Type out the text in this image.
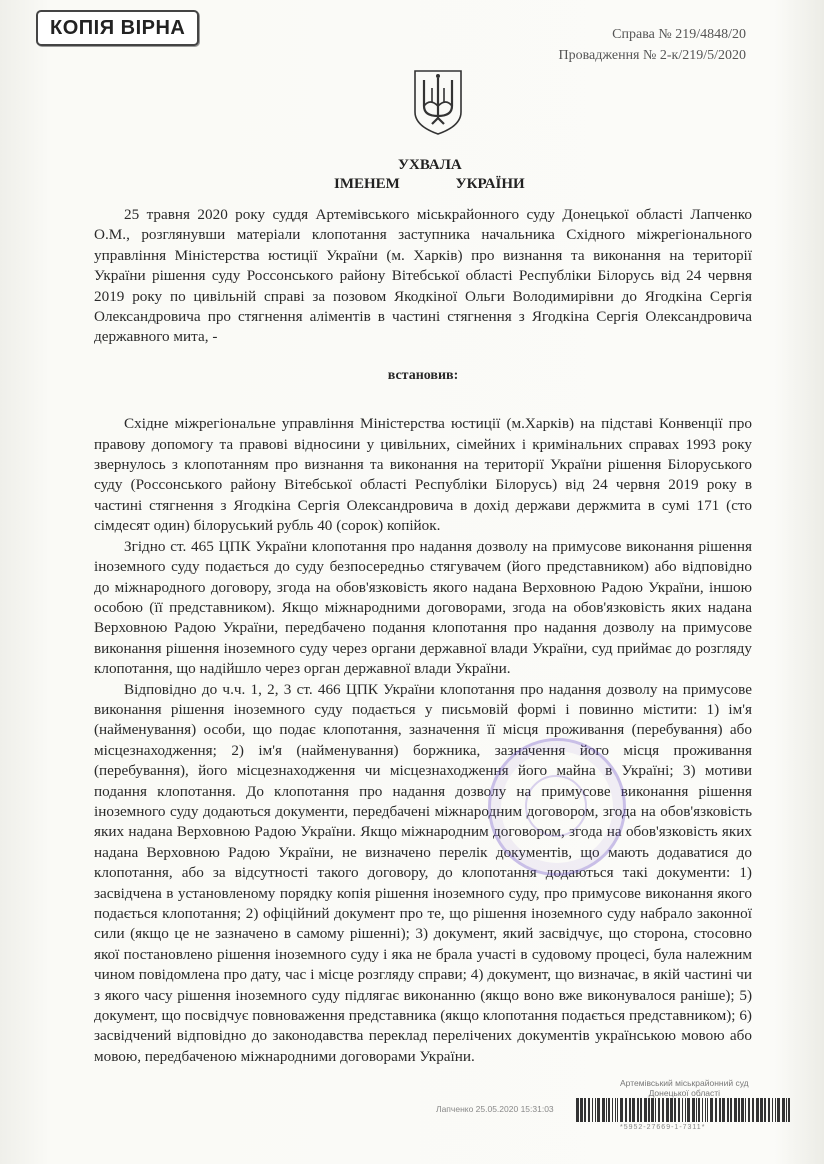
КОПІЯ ВІРНА	Справа № 219/4848/20
Провадження № 2-к/219/5/2020
УХВАЛА
ІМЕНЕМ УКРАЇНИ

25 травня 2020 року суддя Артемівського міськрайонного суду Донецької області Лапченко О.М., розглянувши матеріали клопотання заступника начальника Східного міжрегіонального управління Міністерства юстиції України (м. Харків) про визнання та виконання на території України рішення суду Россонського району Вітебської області Республіки Білорусь від 24 червня 2019 року по цивільній справі за позовом Якодкіної Ольги Володимирівни до Ягодкіна Сергія Олександровича про стягнення аліментів в частині стягнення з Ягодкіна Сергія Олександровича державного мита, -

встановив:

Східне міжрегіональне управління Міністерства юстиції (м.Харків) на підставі Конвенції про правову допомогу та правові відносини у цивільних, сімейних і кримінальних справах 1993 року звернулось з клопотанням про визнання та виконання на території України рішення Білоруського суду (Россонського району Вітебської області Республіки Білорусь) від 24 червня 2019 року в частині стягнення з Ягодкіна Сергія Олександровича в дохід держави держмита в сумі 171 (сто сімдесят один) білоруський рубль 40 (сорок) копійок.

Згідно ст. 465 ЦПК України клопотання про надання дозволу на примусове виконання рішення іноземного суду подається до суду безпосередньо стягувачем (його представником) або відповідно до міжнародного договору, згода на обов'язковість якого надана Верховною Радою України, іншою особою (її представником). Якщо міжнародними договорами, згода на обов'язковість яких надана Верховною Радою України, передбачено подання клопотання про надання дозволу на примусове виконання рішення іноземного суду через органи державної влади України, суд приймає до розгляду клопотання, що надійшло через орган державної влади України.

Відповідно до ч.ч. 1, 2, 3 ст. 466 ЦПК України клопотання про надання дозволу на примусове виконання рішення іноземного суду подається у письмовій формі і повинно містити: 1) ім'я (найменування) особи, що подає клопотання, зазначення її місця проживання (перебування) або місцезнаходження; 2) ім'я (найменування) боржника, зазначення його місця проживання (перебування), його місцезнаходження чи місцезнаходження його майна в Україні; 3) мотиви подання клопотання. До клопотання про надання дозволу на примусове виконання рішення іноземного суду додаються документи, передбачені міжнародним договором, згода на обов'язковість яких надана Верховною Радою України. Якщо міжнародним договором, згода на обов'язковість яких надана Верховною Радою України, не визначено перелік документів, що мають додаватися до клопотання, або за відсутності такого договору, до клопотання додаються такі документи: 1) засвідчена в установленому порядку копія рішення іноземного суду, про примусове виконання якого подається клопотання; 2) офіційний документ про те, що рішення іноземного суду набрало законної сили (якщо це не зазначено в самому рішенні); 3) документ, який засвідчує, що сторона, стосовно якої постановлено рішення іноземного суду і яка не брала участі в судовому процесі, була належним чином повідомлена про дату, час і місце розгляду справи; 4) документ, що визначає, в якій частині чи з якого часу рішення іноземного суду підлягає виконанню (якщо воно вже виконувалося раніше); 5) документ, що посвідчує повноваження представника (якщо клопотання подається представником); 6) засвідчений відповідно до законодавства переклад перелічених документів українською мовою або мовою, передбаченою міжнародними договорами України.

Артемівський міськрайонний суд
Донецької області
Лапченко 25.05.2020 15:31:03
*5952-27669-1-7311*
